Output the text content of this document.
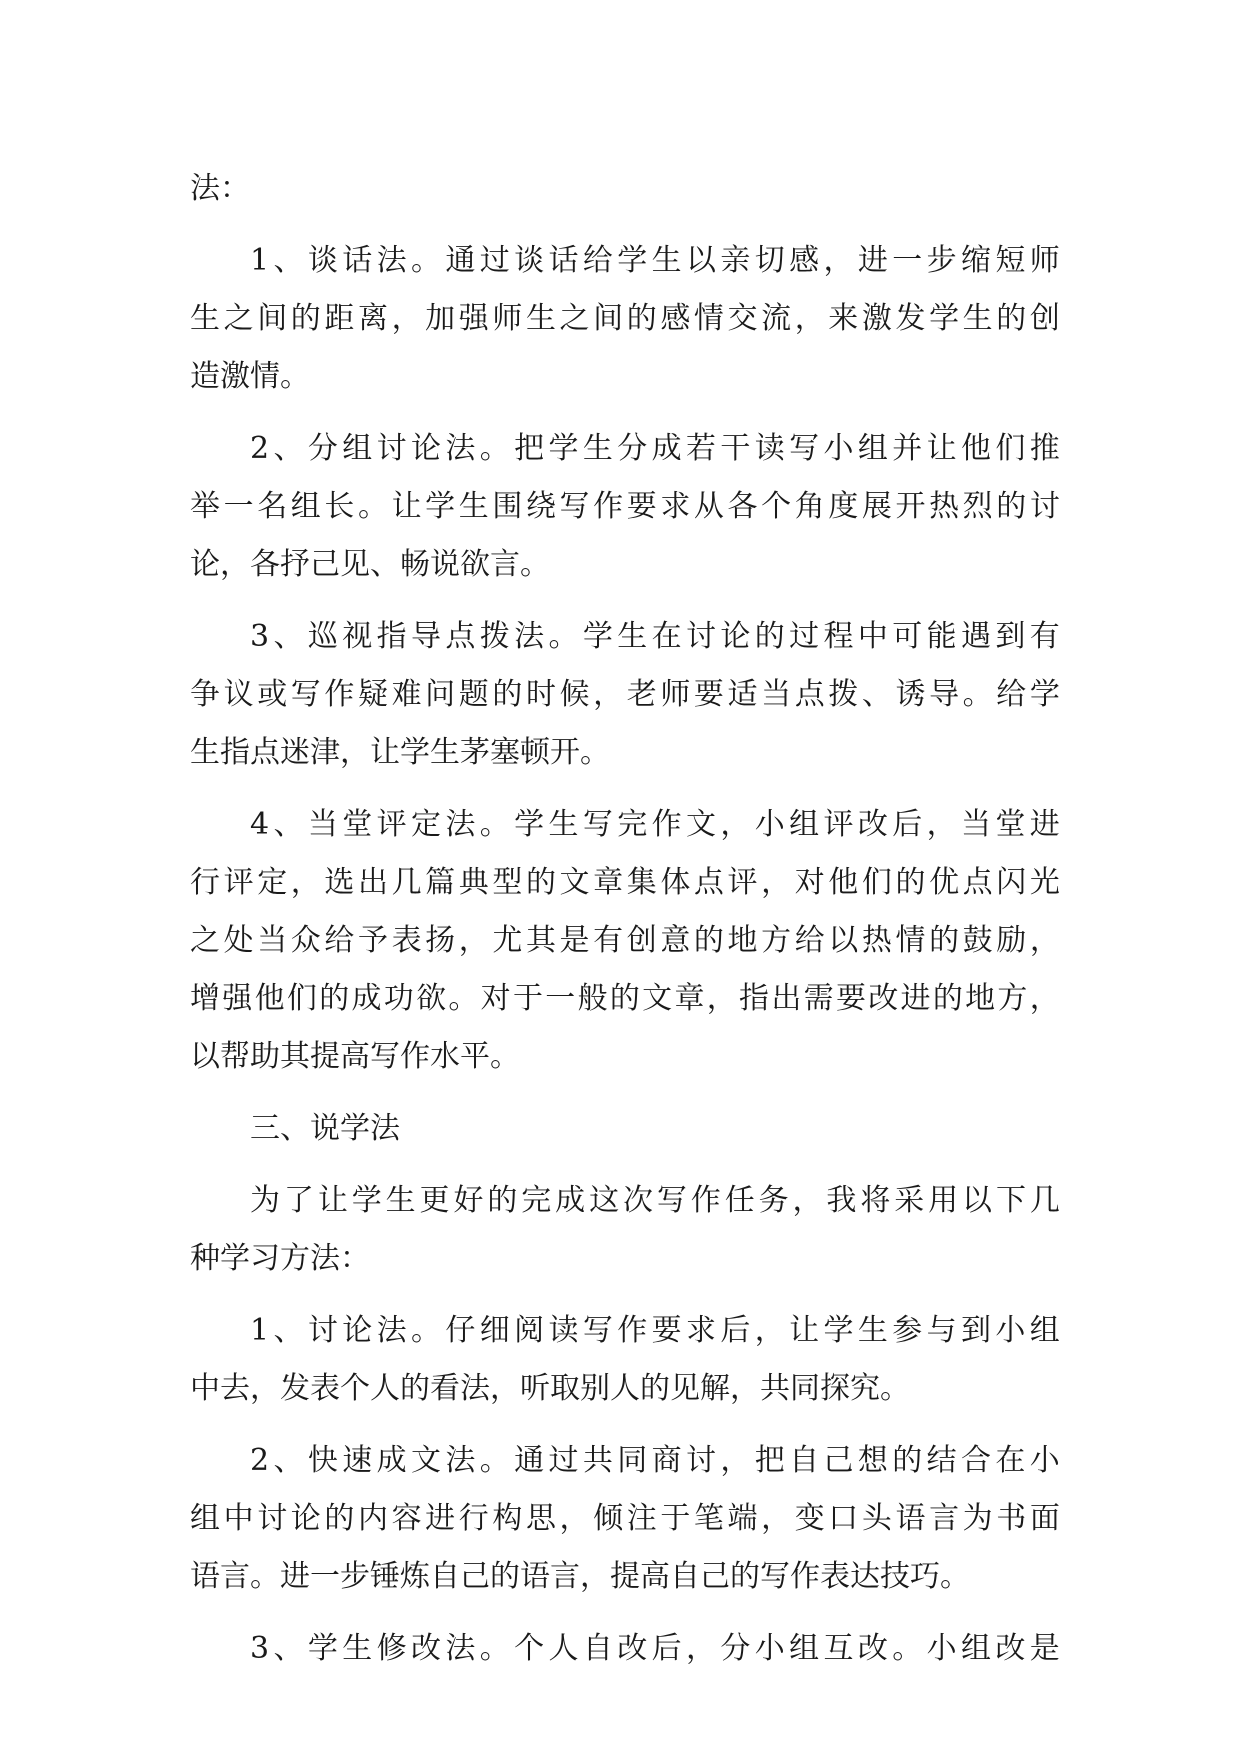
法：
1 、 谈 话 法 。 通 过 谈 话 给 学 生 以 亲 切 感 ， 进 一 步 缩 短 师
生 之 间 的 距 离 ， 加 强 师 生 之 间 的 感 情 交 流 ， 来 激 发 学 生 的 创
造激情。
2 、 分 组 讨 论 法 。 把 学 生 分 成 若 干 读 写 小 组 并 让 他 们 推
举 一 名 组 长 。 让 学 生 围 绕 写 作 要 求 从 各 个 角 度 展 开 热 烈 的 讨
论，各抒己见、畅说欲言。
3 、 巡 视 指 导 点 拨 法 。 学 生 在 讨 论 的 过 程 中 可 能 遇 到 有
争 议 或 写 作 疑 难 问 题 的 时 候 ， 老 师 要 适 当 点 拨 、 诱 导 。 给 学
生指点迷津，让学生茅塞顿开。
4 、 当 堂 评 定 法 。 学 生 写 完 作 文 ， 小 组 评 改 后 ， 当 堂 进
行 评 定 ， 选 出 几 篇 典 型 的 文 章 集 体 点 评 ， 对 他 们 的 优 点 闪 光
之 处 当 众 给 予 表 扬 ， 尤 其 是 有 创 意 的 地 方 给 以 热 情 的 鼓 励 ，
增 强 他 们 的 成 功 欲 。 对 于 一 般 的 文 章 ， 指 出 需 要 改 进 的 地 方 ，
以帮助其提高写作水平。
三、说学法
为 了 让 学 生 更 好 的 完 成 这 次 写 作 任 务 ， 我 将 采 用 以 下 几
种学习方法：
1 、 讨 论 法 。 仔 细 阅 读 写 作 要 求 后 ， 让 学 生 参 与 到 小 组
中去，发表个人的看法，听取别人的见解，共同探究。
2 、 快 速 成 文 法 。 通 过 共 同 商 讨 ， 把 自 己 想 的 结 合 在 小
组 中 讨 论 的 内 容 进 行 构 思 ， 倾 注 于 笔 端 ， 变 口 头 语 言 为 书 面
语言。进一步锤炼自己的语言，提高自己的写作表达技巧。
3 、 学 生 修 改 法 。 个 人 自 改 后 ， 分 小 组 互 改 。 小 组 改 是
